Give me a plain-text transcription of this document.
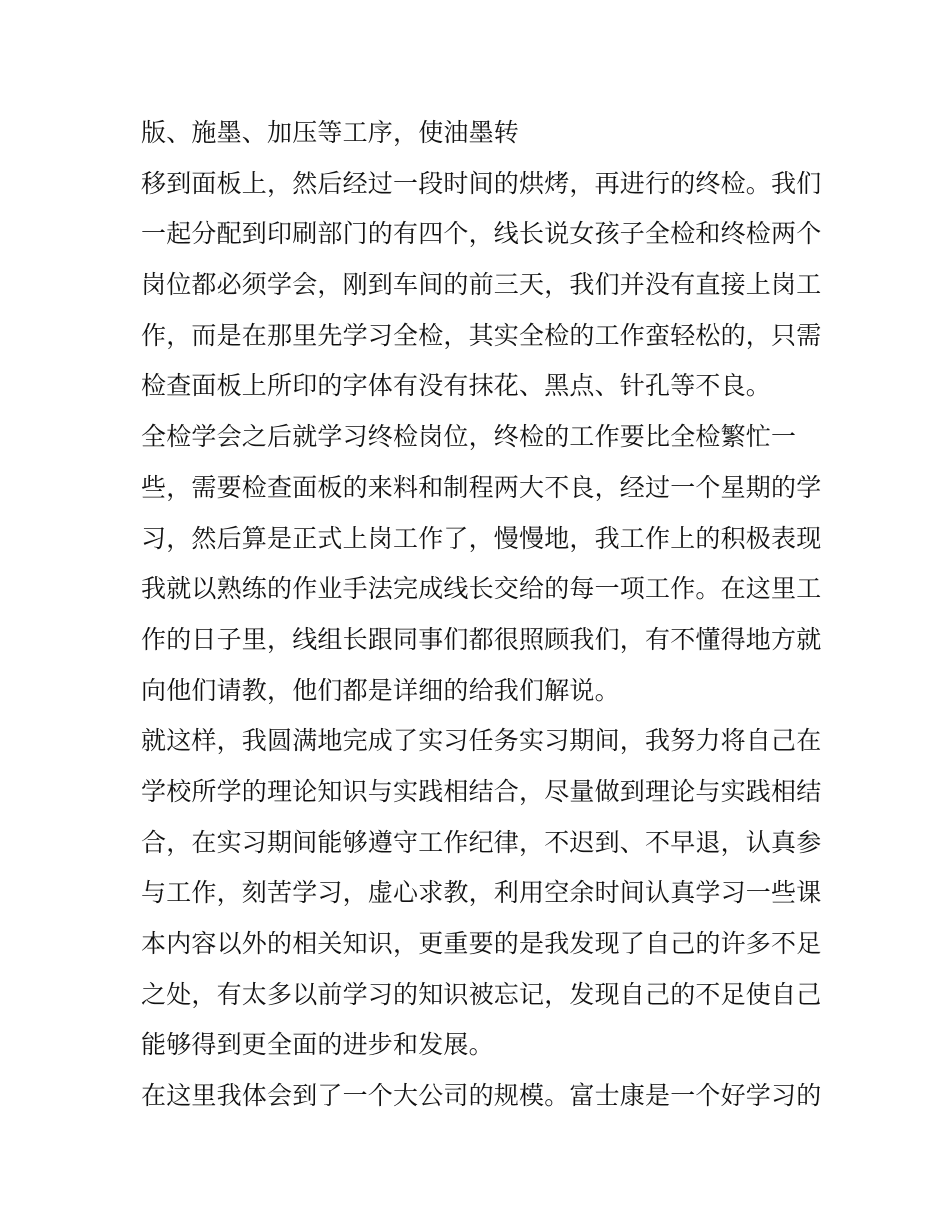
版、施墨、加压等工序，使油墨转
移到面板上，然后经过一段时间的烘烤，再进行的终检。我们
一起分配到印刷部门的有四个，线长说女孩子全检和终检两个
岗位都必须学会，刚到车间的前三天，我们并没有直接上岗工
作，而是在那里先学习全检，其实全检的工作蛮轻松的，只需
检查面板上所印的字体有没有抹花、黑点、针孔等不良。
全检学会之后就学习终检岗位，终检的工作要比全检繁忙一
些，需要检查面板的来料和制程两大不良，经过一个星期的学
习，然后算是正式上岗工作了，慢慢地，我工作上的积极表现
我就以熟练的作业手法完成线长交给的每一项工作。在这里工
作的日子里，线组长跟同事们都很照顾我们，有不懂得地方就
向他们请教，他们都是详细的给我们解说。
就这样，我圆满地完成了实习任务实习期间，我努力将自己在
学校所学的理论知识与实践相结合，尽量做到理论与实践相结
合，在实习期间能够遵守工作纪律，不迟到、不早退，认真参
与工作，刻苦学习，虚心求教，利用空余时间认真学习一些课
本内容以外的相关知识，更重要的是我发现了自己的许多不足
之处，有太多以前学习的知识被忘记，发现自己的不足使自己
能够得到更全面的进步和发展。
在这里我体会到了一个大公司的规模。富士康是一个好学习的
